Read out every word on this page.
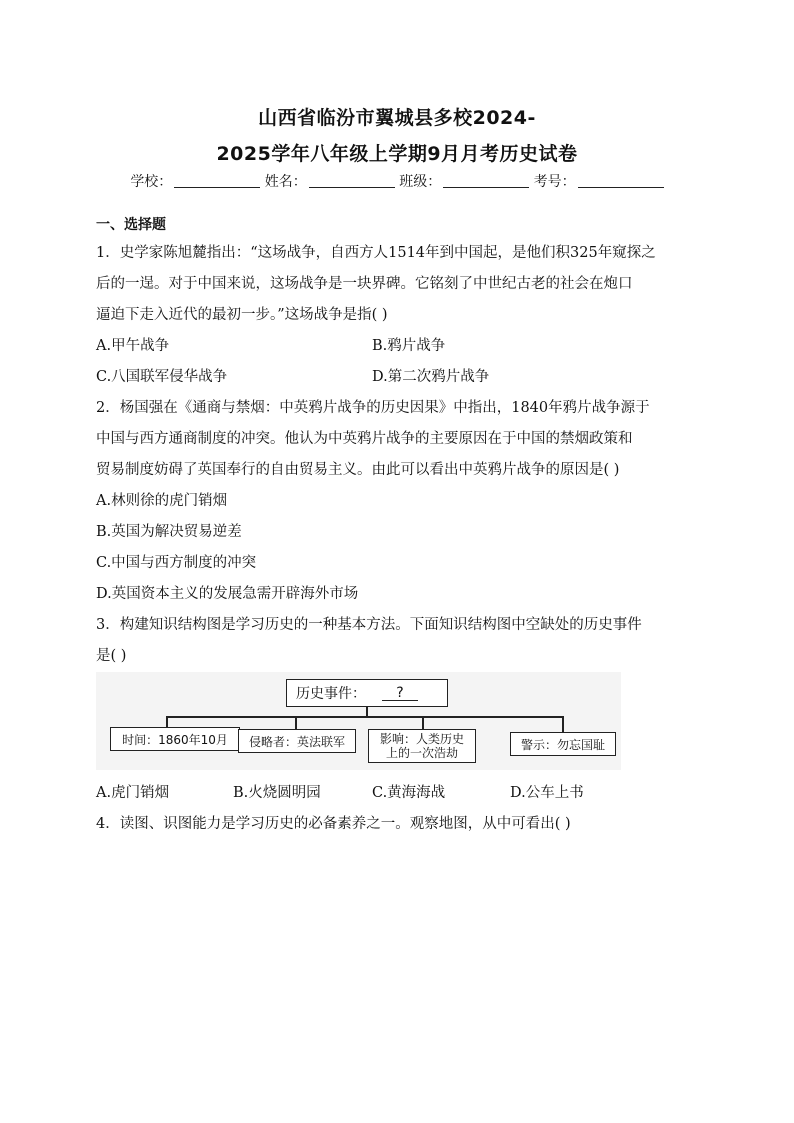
山西省临汾市翼城县多校2024-
2025学年八年级上学期9月月考历史试卷
学校：	姓名：	班级：	考号：
一、选择题
1．史学家陈旭麓指出：“这场战争，自西方人1514年到中国起，是他们积325年窥探之
后的一逞。对于中国来说，这场战争是一块界碑。它铭刻了中世纪古老的社会在炮口
逼迫下走入近代的最初一步。”这场战争是指( )
A.甲午战争	B.鸦片战争
C.八国联军侵华战争	D.第二次鸦片战争
2．杨国强在《通商与禁烟：中英鸦片战争的历史因果》中指出，1840年鸦片战争源于
中国与西方通商制度的冲突。他认为中英鸦片战争的主要原因在于中国的禁烟政策和
贸易制度妨碍了英国奉行的自由贸易主义。由此可以看出中英鸦片战争的原因是( )
A.林则徐的虎门销烟
B.英国为解决贸易逆差
C.中国与西方制度的冲突
D.英国资本主义的发展急需开辟海外市场
3．构建知识结构图是学习历史的一种基本方法。下面知识结构图中空缺处的历史事件
是( )
历史事件：	?
时间：1860年10月	侵略者：英法联军	影响：人类历史
上的一次浩劫
警示：勿忘国耻
A.虎门销烟	B.火烧圆明园	C.黄海海战	D.公车上书
4．读图、识图能力是学习历史的必备素养之一。观察地图，从中可看出( )
